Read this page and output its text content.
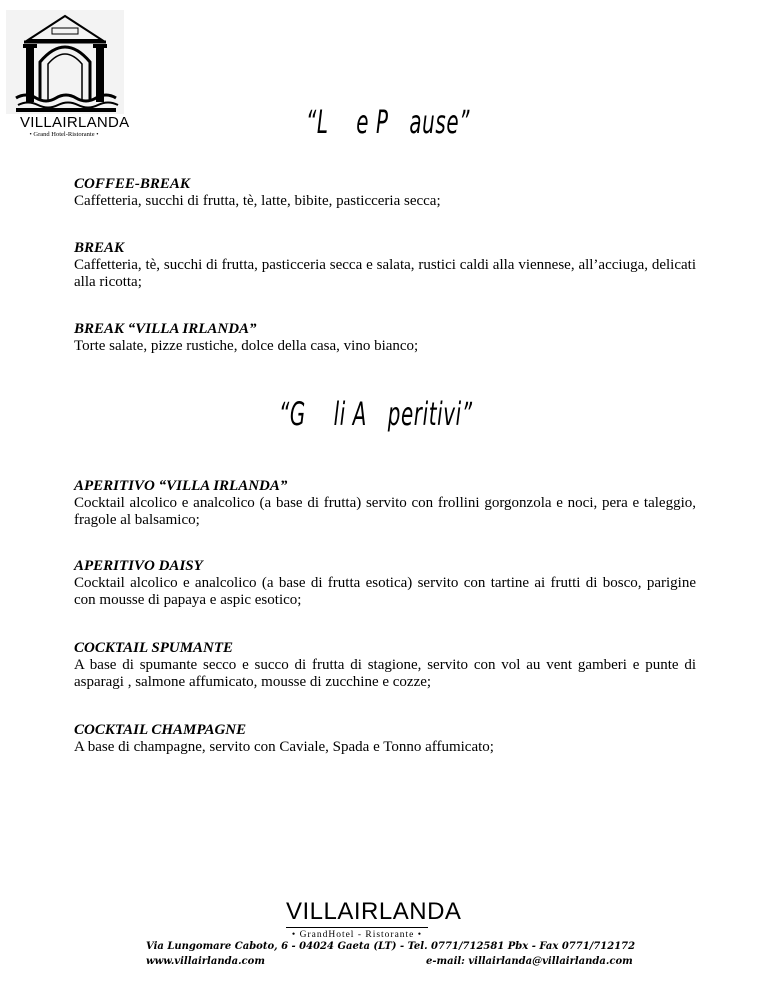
VILLAIRLANDA
• Grand Hotel-Ristorante •	“L    e P   ause”
COFFEE-BREAK
Caffetteria, succhi di frutta, tè, latte, bibite, pasticceria secca;
BREAK
Caffetteria, tè, succhi di frutta, pasticceria secca e salata, rustici caldi alla viennese, all’acciuga, delicati alla ricotta;
BREAK “VILLA IRLANDA”
Torte salate, pizze rustiche, dolce della casa, vino bianco;
“G    li A   peritivi”
APERITIVO “VILLA IRLANDA”
Cocktail alcolico e analcolico (a base di frutta) servito con frollini gorgonzola e noci, pera e taleggio, fragole al balsamico;
APERITIVO DAISY
Cocktail alcolico e analcolico (a base di frutta esotica) servito con tartine ai frutti di bosco, parigine con mousse di papaya e aspic esotico;
COCKTAIL SPUMANTE
A base di spumante secco e succo di frutta di stagione, servito con vol au vent gamberi e punte di asparagi , salmone affumicato, mousse di zucchine e cozze;
COCKTAIL CHAMPAGNE
A base di champagne, servito con Caviale, Spada e Tonno affumicato;
VILLAIRLANDA
• GrandHotel - Ristorante •
Via Lungomare Caboto, 6 - 04024 Gaeta (LT) - Tel. 0771/712581 Pbx - Fax 0771/712172
www.villairlanda.com	e-mail: villairlanda@villairlanda.com
